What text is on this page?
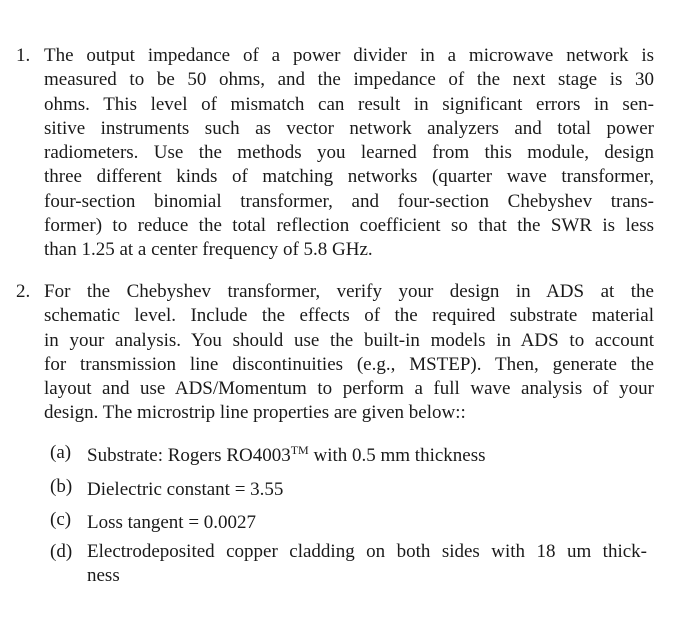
1. The output impedance of a power divider in a microwave network is
measured to be 50 ohms, and the impedance of the next stage is 30
ohms. This level of mismatch can result in significant errors in sen-
sitive instruments such as vector network analyzers and total power
radiometers. Use the methods you learned from this module, design
three different kinds of matching networks (quarter wave transformer,
four-section binomial transformer, and four-section Chebyshev trans-
former) to reduce the total reflection coefficient so that the SWR is less
than 1.25 at a center frequency of 5.8 GHz.
2. For the Chebyshev transformer, verify your design in ADS at the
schematic level. Include the effects of the required substrate material
in your analysis. You should use the built-in models in ADS to account
for transmission line discontinuities (e.g., MSTEP). Then, generate the
layout and use ADS/Momentum to perform a full wave analysis of your
design. The microstrip line properties are given below::
(a) Substrate: Rogers RO4003™ with 0.5 mm thickness
(b) Dielectric constant = 3.55
(c) Loss tangent = 0.0027
(d) Electrodeposited copper cladding on both sides with 18 um thick-
ness
